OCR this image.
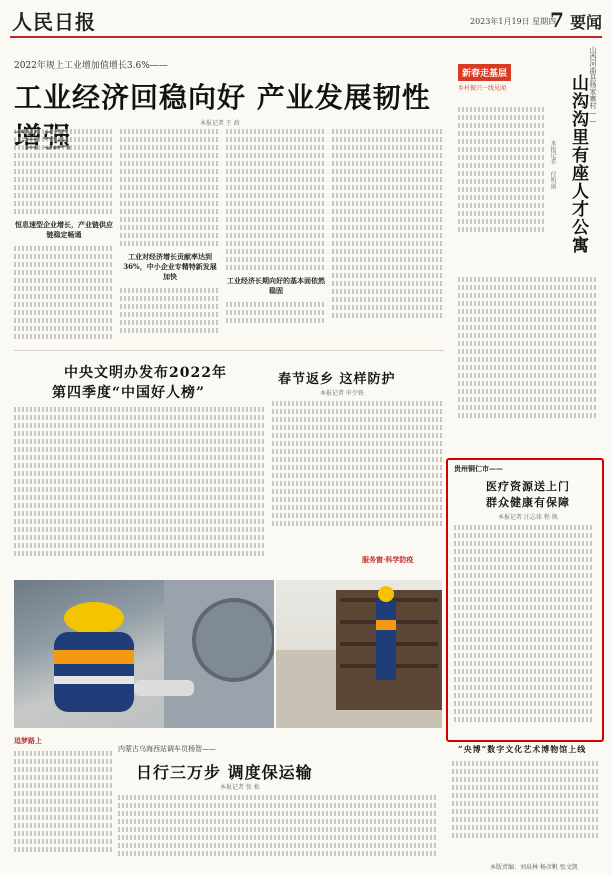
人民日报	2023年1月19日 星期四
7 要闻
2022年规上工业增加值增长3.6%——
工业经济回稳向好 产业发展韧性
本报记者 王 政
恒息速型企业增长，产业链供应链稳定畅通
工业对经济增长贡献率达到36%，中小企业专精特新发展加快	工业经济长期向好的基本面依然稳固
新春走基层
乡村振兴一线见闻	山西河曲县杨家寨村——
山沟沟里有座人才公寓
本报记者 付明丽
中央文明办发布2022年
第四季度“中国好人榜”
春节返乡 这样防护
本报记者 申少铁
服务窗·科学防疫
贵州铜仁市——
医疗资源送上门
群众健康有保障
本报记者 汪志球 程 焕
追梦路上
内蒙古乌海西站调车员杨智——
日行三万步 调度保运输
本报记者 张 枨
“央博”数字文化艺术博物馆上线
本版责编：刘泉林 杨彦帆 张文凯
